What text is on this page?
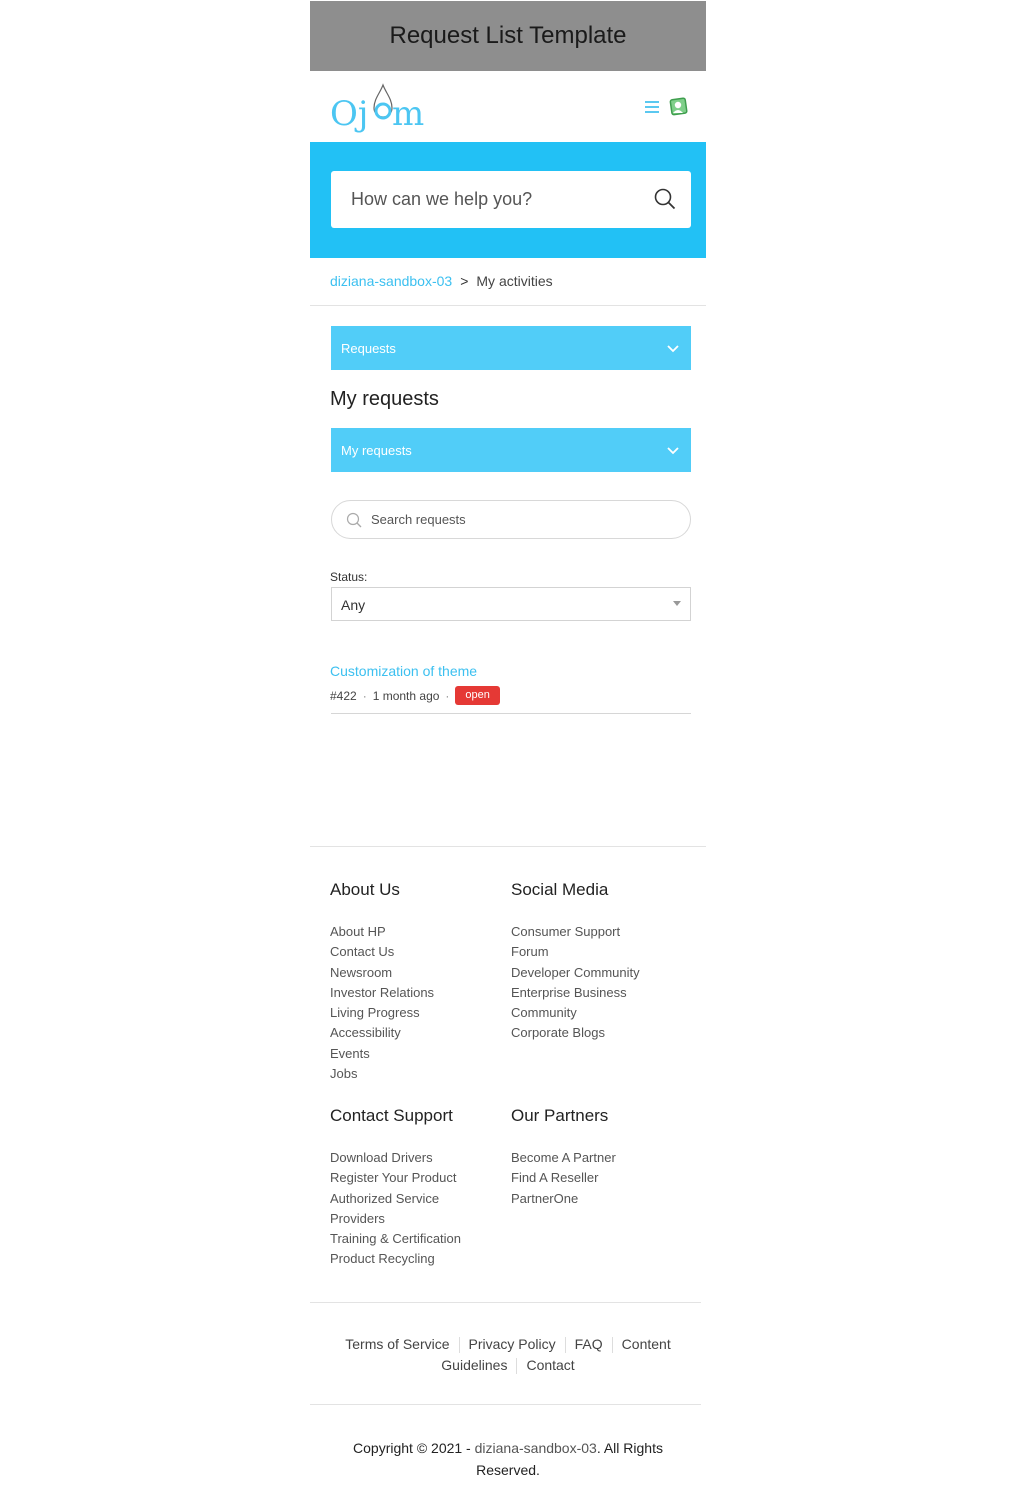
Request List Template
Oj m
How can we help you?
diziana-sandbox-03 > My activities
Requests
My requests
My requests
Search requests
Status:
Any
Customization of theme
#422 · 1 month ago ·	open
About Us
About HP
Contact Us
Newsroom
Investor Relations
Living Progress
Accessibility
Events
Jobs
Social Media
Consumer Support
Forum
Developer Community
Enterprise Business
Community
Corporate Blogs
Contact Support
Download Drivers
Register Your Product
Authorized Service
Providers
Training & Certification
Product Recycling
Our Partners
Become A Partner
Find A Reseller
PartnerOne
Terms of Service Privacy Policy FAQ Content Guidelines Contact
Copyright © 2021 - diziana-sandbox-03. All Rights Reserved.
